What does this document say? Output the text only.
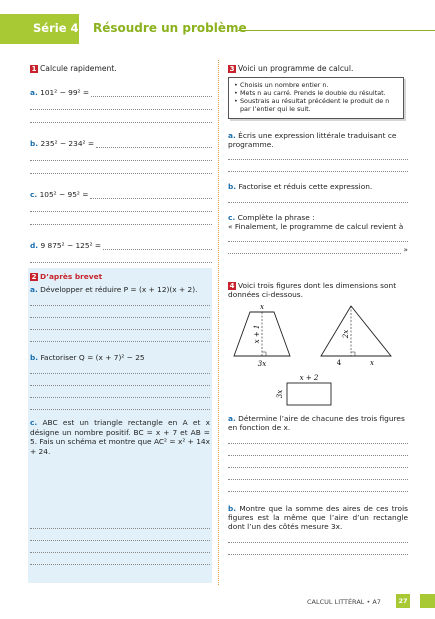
Série 4 Résoudre un problème
1 Calcule rapidement.
a.
101² − 99² =
b.
235² − 234² =
c.
105² − 95² =
d.
9 875² − 125² =
2 D’après brevet
a. Développer et réduire P = (x + 12)(x + 2).
b. Factoriser Q = (x + 7)² − 25
c. ABC est un triangle rectangle en A et x désigne un nombre positif. BC = x + 7 et AB = 5. Fais un schéma et montre que AC² = x² + 14x + 24.
3 Voici un programme de calcul.
• Choisis un nombre entier n.
• Mets n au carré. Prends le double du résultat.
• Soustrais au résultat précédent le produit de n par l’entier qui le suit.
a. Écris une expression littérale traduisant ce programme.
b. Factorise et réduis cette expression.
c. Complète la phrase :
« Finalement, le programme de calcul revient à
»
4 Voici trois figures dont les dimensions sont données ci-dessous.
x
x + 1
3x
2x
4	x
x + 2
3x
a. Détermine l’aire de chacune des trois figures en fonction de x.
b. Montre que la somme des aires de ces trois figures est la même que l’aire d’un rectangle dont l’un des côtés mesure 3x.
CALCUL LITTÉRAL • A7	27
